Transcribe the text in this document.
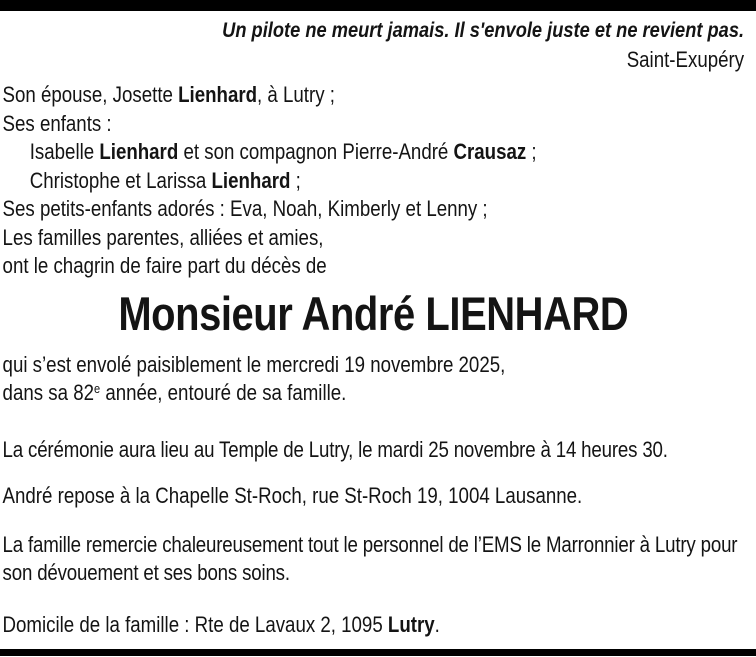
Un pilote ne meurt jamais. Il s'envole juste et ne revient pas.

Saint-Exupéry

Son épouse, Josette Lienhard, à Lutry ;

Ses enfants :

Isabelle Lienhard et son compagnon Pierre-André Crausaz ;

Christophe et Larissa Lienhard ;

Ses petits-enfants adorés : Eva, Noah, Kimberly et Lenny ;

Les familles parentes, alliées et amies,

ont le chagrin de faire part du décès de

Monsieur André LIENHARD

qui s’est envolé paisiblement le mercredi 19 novembre 2025,

dans sa 82e année, entouré de sa famille.

La cérémonie aura lieu au Temple de Lutry, le mardi 25 novembre à 14 heures 30.

André repose à la Chapelle St-Roch, rue St-Roch 19, 1004 Lausanne.

La famille remercie chaleureusement tout le personnel de l’EMS le Marronnier à Lutry pour son dévouement et ses bons soins.

Domicile de la famille : Rte de Lavaux 2, 1095 Lutry.
